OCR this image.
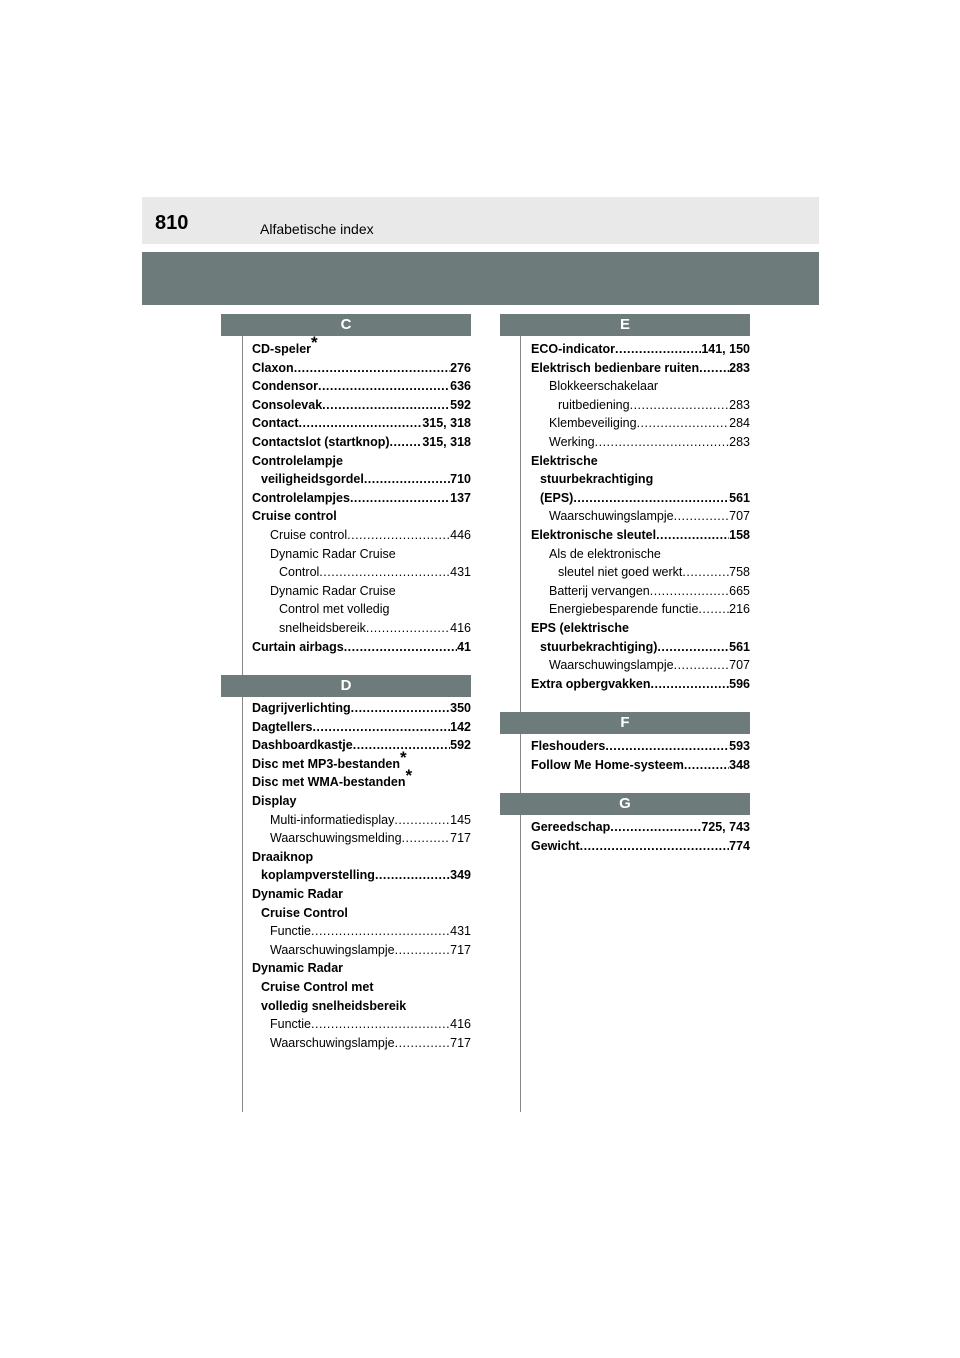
810	Alfabetische index
C
CD-speler*
Claxon .....	276
Condensor .....	636
Consolevak .....	592
Contact .....	315, 318
Contactslot (startknop) .....	315, 318
Controlelampje
veiligheidsgordel .....	710
Controlelampjes .....	137
Cruise control
Cruise control .....	446
Dynamic Radar Cruise
Control .....	431
Dynamic Radar Cruise
Control met volledig
snelheidsbereik .....	416
Curtain airbags .....	41
D
Dagrijverlichting .....	350
Dagtellers .....	142
Dashboardkastje .....	592
Disc met MP3-bestanden*
Disc met WMA-bestanden*
Display
Multi-informatiedisplay .....	145
Waarschuwingsmelding .....	717
Draaiknop
koplampverstelling .....	349
Dynamic Radar
Cruise Control
Functie .....	431
Waarschuwingslampje .....	717
Dynamic Radar
Cruise Control met
volledig snelheidsbereik
Functie .....	416
Waarschuwingslampje .....	717
E
ECO-indicator .....	141, 150
Elektrisch bedienbare ruiten ..... 283
Blokkeerschakelaar
ruitbediening .....	283
Klembeveiliging .....	284
Werking .....	283
Elektrische
stuurbekrachtiging
(EPS) .....	561
Waarschuwingslampje .....	707
Elektronische sleutel .....	158
Als de elektronische
sleutel niet goed werkt .....	758
Batterij vervangen .....	665
Energiebesparende functie ..... 216
EPS (elektrische
stuurbekrachtiging) .....	561
Waarschuwingslampje .....	707
Extra opbergvakken .....	596
F
Fleshouders .....	593
Follow Me Home-systeem .....	348
G
Gereedschap .....	725, 743
Gewicht .....	774
